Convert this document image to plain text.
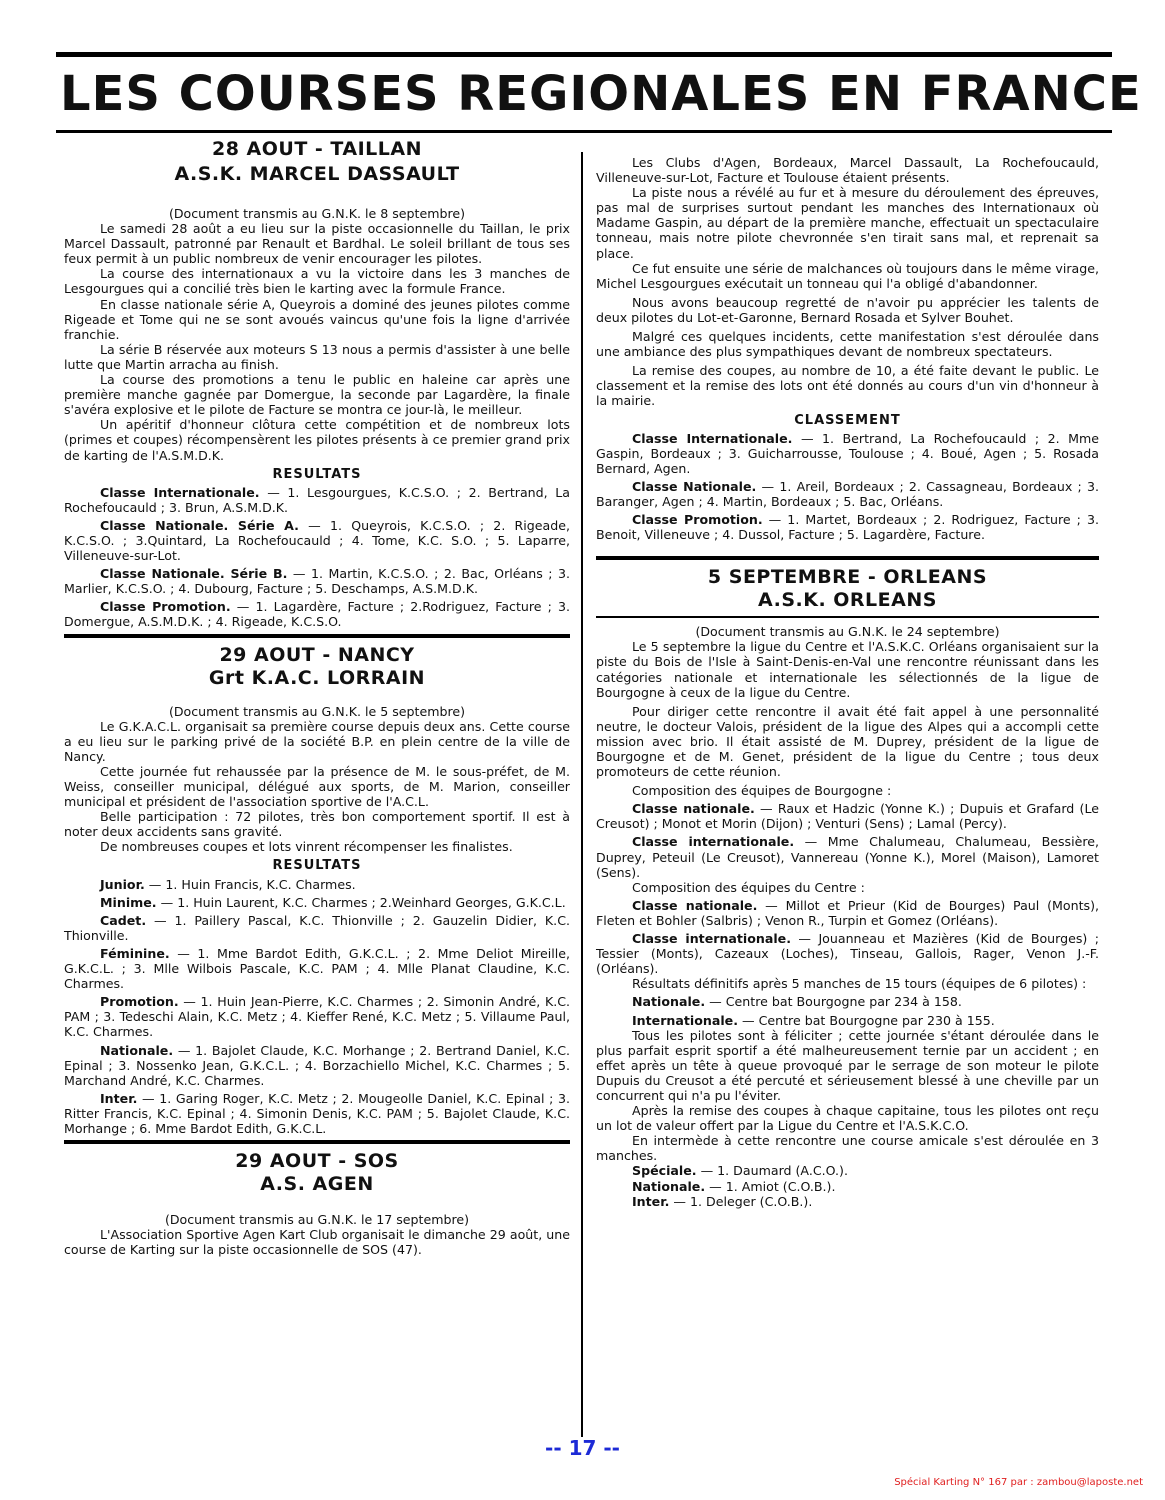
LES COURSES REGIONALES EN FRANCE
28 AOUT - TAILLAN
A.S.K. MARCEL DASSAULT

(Document transmis au G.N.K. le 8 septembre)

Le samedi 28 août a eu lieu sur la piste occasionnelle du Taillan, le prix Marcel Dassault, patronné par Renault et Bardhal. Le soleil brillant de tous ses feux permit à un public nombreux de venir encourager les pilotes.

La course des internationaux a vu la victoire dans les 3 manches de Lesgourgues qui a concilié très bien le karting avec la formule France.

En classe nationale série A, Queyrois a dominé des jeunes pilotes comme Rigeade et Tome qui ne se sont avoués vaincus qu'une fois la ligne d'arrivée franchie.

La série B réservée aux moteurs S 13 nous a permis d'assister à une belle lutte que Martin arracha au finish.

La course des promotions a tenu le public en haleine car après une première manche gagnée par Domergue, la seconde par Lagardère, la finale s'avéra explosive et le pilote de Facture se montra ce jour-là, le meilleur.

Un apéritif d'honneur clôtura cette compétition et de nombreux lots (primes et coupes) récompensèrent les pilotes présents à ce premier grand prix de karting de l'A.S.M.D.K.

RESULTATS

Classe Internationale. — 1. Lesgourgues, K.C.S.O. ; 2. Bertrand, La Rochefoucauld ; 3. Brun, A.S.M.D.K.

Classe Nationale. Série A. — 1. Queyrois, K.C.S.O. ; 2. Rigeade, K.C.S.O. ; 3.Quintard, La Rochefoucauld ; 4. Tome, K.C. S.O. ; 5. Laparre, Villeneuve-sur-Lot.

Classe Nationale. Série B. — 1. Martin, K.C.S.O. ; 2. Bac, Orléans ; 3. Marlier, K.C.S.O. ; 4. Dubourg, Facture ; 5. Deschamps, A.S.M.D.K.

Classe Promotion. — 1. Lagardère, Facture ; 2.Rodriguez, Facture ; 3. Domergue, A.S.M.D.K. ; 4. Rigeade, K.C.S.O.

29 AOUT - NANCY
Grt K.A.C. LORRAIN

(Document transmis au G.N.K. le 5 septembre)

Le G.K.A.C.L. organisait sa première course depuis deux ans. Cette course a eu lieu sur le parking privé de la société B.P. en plein centre de la ville de Nancy.

Cette journée fut rehaussée par la présence de M. le sous-préfet, de M. Weiss, conseiller municipal, délégué aux sports, de M. Marion, conseiller municipal et président de l'association sportive de l'A.C.L.

Belle participation : 72 pilotes, très bon comportement sportif. Il est à noter deux accidents sans gravité.

De nombreuses coupes et lots vinrent récompenser les finalistes.

RESULTATS

Junior. — 1. Huin Francis, K.C. Charmes.

Minime. — 1. Huin Laurent, K.C. Charmes ; 2.Weinhard Georges, G.K.C.L.

Cadet. — 1. Paillery Pascal, K.C. Thionville ; 2. Gauzelin Didier, K.C. Thionville.

Féminine. — 1. Mme Bardot Edith, G.K.C.L. ; 2. Mme Deliot Mireille, G.K.C.L. ; 3. Mlle Wilbois Pascale, K.C. PAM ; 4. Mlle Planat Claudine, K.C. Charmes.

Promotion. — 1. Huin Jean-Pierre, K.C. Charmes ; 2. Simonin André, K.C. PAM ; 3. Tedeschi Alain, K.C. Metz ; 4. Kieffer René, K.C. Metz ; 5. Villaume Paul, K.C. Charmes.

Nationale. — 1. Bajolet Claude, K.C. Morhange ; 2. Bertrand Daniel, K.C. Epinal ; 3. Nossenko Jean, G.K.C.L. ; 4. Borzachiello Michel, K.C. Charmes ; 5. Marchand André, K.C. Charmes.

Inter. — 1. Garing Roger, K.C. Metz ; 2. Mougeolle Daniel, K.C. Epinal ; 3. Ritter Francis, K.C. Epinal ; 4. Simonin Denis, K.C. PAM ; 5. Bajolet Claude, K.C. Morhange ; 6. Mme Bardot Edith, G.K.C.L.

29 AOUT - SOS
A.S. AGEN

(Document transmis au G.N.K. le 17 septembre)

L'Association Sportive Agen Kart Club organisait le dimanche 29 août, une course de Karting sur la piste occasionnelle de SOS (47).

Les Clubs d'Agen, Bordeaux, Marcel Dassault, La Rochefoucauld, Villeneuve-sur-Lot, Facture et Toulouse étaient présents.

La piste nous a révélé au fur et à mesure du déroulement des épreuves, pas mal de surprises surtout pendant les manches des Internationaux où Madame Gaspin, au départ de la première manche, effectuait un spectaculaire tonneau, mais notre pilote chevronnée s'en tirait sans mal, et reprenait sa place.

Ce fut ensuite une série de malchances où toujours dans le même virage, Michel Lesgourgues exécutait un tonneau qui l'a obligé d'abandonner.

Nous avons beaucoup regretté de n'avoir pu apprécier les talents de deux pilotes du Lot-et-Garonne, Bernard Rosada et Sylver Bouhet.

Malgré ces quelques incidents, cette manifestation s'est déroulée dans une ambiance des plus sympathiques devant de nombreux spectateurs.

La remise des coupes, au nombre de 10, a été faite devant le public. Le classement et la remise des lots ont été donnés au cours d'un vin d'honneur à la mairie.

CLASSEMENT

Classe Internationale. — 1. Bertrand, La Rochefoucauld ; 2. Mme Gaspin, Bordeaux ; 3. Guicharrousse, Toulouse ; 4. Boué, Agen ; 5. Rosada Bernard, Agen.

Classe Nationale. — 1. Areil, Bordeaux ; 2. Cassagneau, Bordeaux ; 3. Baranger, Agen ; 4. Martin, Bordeaux ; 5. Bac, Orléans.

Classe Promotion. — 1. Martet, Bordeaux ; 2. Rodriguez, Facture ; 3. Benoit, Villeneuve ; 4. Dussol, Facture ; 5. Lagardère, Facture.

5 SEPTEMBRE - ORLEANS
A.S.K. ORLEANS

(Document transmis au G.N.K. le 24 septembre)

Le 5 septembre la ligue du Centre et l'A.S.K.C. Orléans organisaient sur la piste du Bois de l'Isle à Saint-Denis-en-Val une rencontre réunissant dans les catégories nationale et internationale les sélectionnés de la ligue de Bourgogne à ceux de la ligue du Centre.

Pour diriger cette rencontre il avait été fait appel à une personnalité neutre, le docteur Valois, président de la ligue des Alpes qui a accompli cette mission avec brio. Il était assisté de M. Duprey, président de la ligue de Bourgogne et de M. Genet, président de la ligue du Centre ; tous deux promoteurs de cette réunion.

Composition des équipes de Bourgogne :

Classe nationale. — Raux et Hadzic (Yonne K.) ; Dupuis et Grafard (Le Creusot) ; Monot et Morin (Dijon) ; Venturi (Sens) ; Lamal (Percy).

Classe internationale. — Mme Chalumeau, Chalumeau, Bessière, Duprey, Peteuil (Le Creusot), Vannereau (Yonne K.), Morel (Maison), Lamoret (Sens).

Composition des équipes du Centre :

Classe nationale. — Millot et Prieur (Kid de Bourges) Paul (Monts), Fleten et Bohler (Salbris) ; Venon R., Turpin et Gomez (Orléans).

Classe internationale. — Jouanneau et Mazières (Kid de Bourges) ; Tessier (Monts), Cazeaux (Loches), Tinseau, Gallois, Rager, Venon J.-F. (Orléans).

Résultats définitifs après 5 manches de 15 tours (équipes de 6 pilotes) :

Nationale. — Centre bat Bourgogne par 234 à 158.

Internationale. — Centre bat Bourgogne par 230 à 155.

Tous les pilotes sont à féliciter ; cette journée s'étant déroulée dans le plus parfait esprit sportif a été malheureusement ternie par un accident ; en effet après un tête à queue provoqué par le serrage de son moteur le pilote Dupuis du Creusot a été percuté et sérieusement blessé à une cheville par un concurrent qui n'a pu l'éviter.

Après la remise des coupes à chaque capitaine, tous les pilotes ont reçu un lot de valeur offert par la Ligue du Centre et l'A.S.K.C.O.

En intermède à cette rencontre une course amicale s'est déroulée en 3 manches.

Spéciale. — 1. Daumard (A.C.O.).

Nationale. — 1. Amiot (C.O.B.).

Inter. — 1. Deleger (C.O.B.).

-- 17 --
Spécial Karting N° 167 par : zambou@laposte.net
